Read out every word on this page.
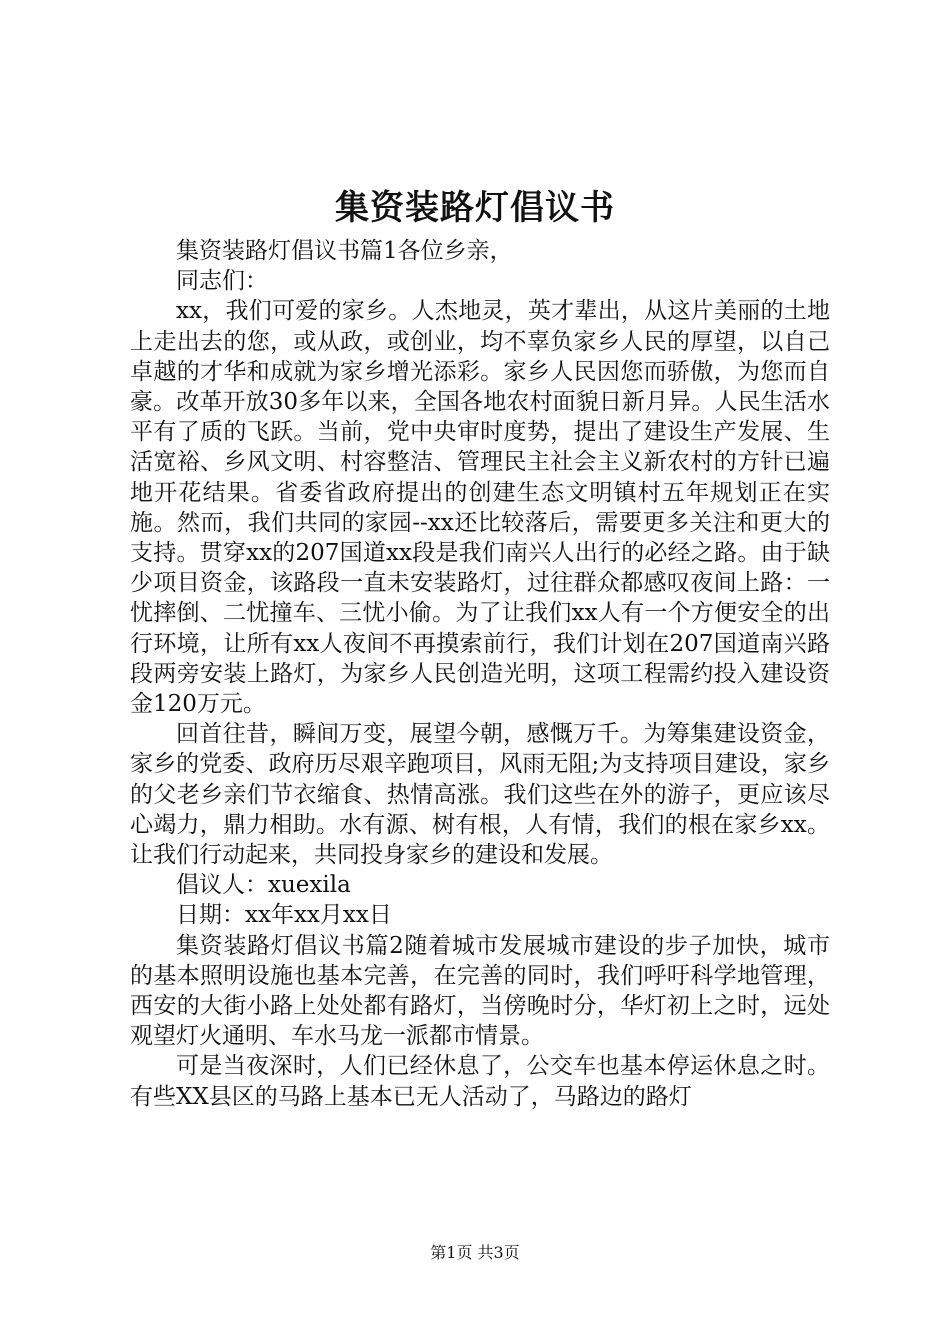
集资装路灯倡议书

集资装路灯倡议书篇1各位乡亲，

同志们：

xx，我们可爱的家乡。人杰地灵，英才辈出，从这片美丽的土地上走出去的您，或从政，或创业，均不辜负家乡人民的厚望，以自己卓越的才华和成就为家乡增光添彩。家乡人民因您而骄傲，为您而自豪。改革开放30多年以来，全国各地农村面貌日新月异。人民生活水平有了质的飞跃。当前，党中央审时度势，提出了建设生产发展、生活宽裕、乡风文明、村容整洁、管理民主社会主义新农村的方针已遍地开花结果。省委省政府提出的创建生态文明镇村五年规划正在实施。然而，我们共同的家园--xx还比较落后，需要更多关注和更大的支持。贯穿xx的207国道xx段是我们南兴人出行的必经之路。由于缺少项目资金，该路段一直未安装路灯，过往群众都感叹夜间上路：一忧摔倒、二忧撞车、三忧小偷。为了让我们xx人有一个方便安全的出行环境，让所有xx人夜间不再摸索前行，我们计划在207国道南兴路段两旁安装上路灯，为家乡人民创造光明，这项工程需约投入建设资金120万元。

回首往昔，瞬间万变，展望今朝，感慨万千。为筹集建设资金，家乡的党委、政府历尽艰辛跑项目，风雨无阻;为支持项目建设，家乡的父老乡亲们节衣缩食、热情高涨。我们这些在外的游子，更应该尽心竭力，鼎力相助。水有源、树有根，人有情，我们的根在家乡xx。让我们行动起来，共同投身家乡的建设和发展。

倡议人：xuexila

日期：xx年xx月xx日

集资装路灯倡议书篇2随着城市发展城市建设的步子加快，城市的基本照明设施也基本完善，在完善的同时，我们呼吁科学地管理，西安的大街小路上处处都有路灯，当傍晚时分，华灯初上之时，远处观望灯火通明、车水马龙一派都市情景。

可是当夜深时，人们已经休息了，公交车也基本停运休息之时。有些XX县区的马路上基本已无人活动了，马路边的路灯

第1页 共3页
